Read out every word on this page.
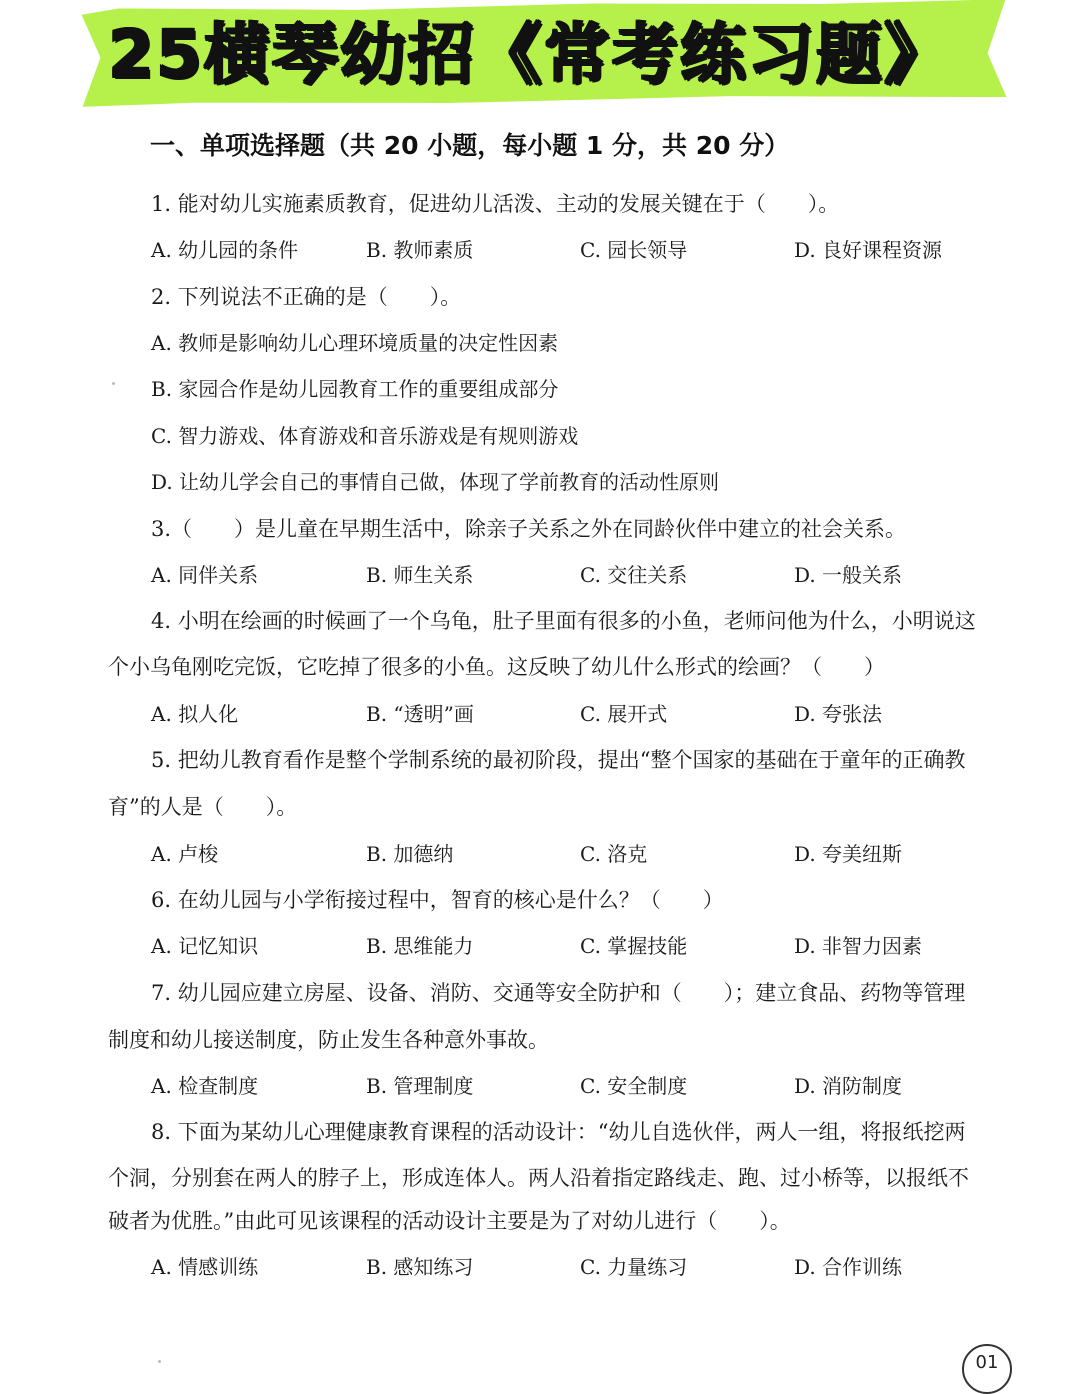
25横琴幼招《常考练习题》
一、单项选择题（共 20 小题，每小题 1 分，共 20 分）
1. 能对幼儿实施素质教育，促进幼儿活泼、主动的发展关键在于（　　）。
A. 幼儿园的条件	B. 教师素质	C. 园长领导	D. 良好课程资源
2. 下列说法不正确的是（　　）。
A. 教师是影响幼儿心理环境质量的决定性因素
B. 家园合作是幼儿园教育工作的重要组成部分
C. 智力游戏、体育游戏和音乐游戏是有规则游戏
D. 让幼儿学会自己的事情自己做，体现了学前教育的活动性原则
3.（　　）是儿童在早期生活中，除亲子关系之外在同龄伙伴中建立的社会关系。
A. 同伴关系	B. 师生关系	C. 交往关系	D. 一般关系
4. 小明在绘画的时候画了一个乌龟，肚子里面有很多的小鱼，老师问他为什么，小明说这
个小乌龟刚吃完饭，它吃掉了很多的小鱼。这反映了幼儿什么形式的绘画？（　　）
A. 拟人化	B. “透明”画	C. 展开式	D. 夸张法
5. 把幼儿教育看作是整个学制系统的最初阶段，提出“整个国家的基础在于童年的正确教
育”的人是（　　）。
A. 卢梭	B. 加德纳	C. 洛克	D. 夸美纽斯
6. 在幼儿园与小学衔接过程中，智育的核心是什么？（　　）
A. 记忆知识	B. 思维能力	C. 掌握技能	D. 非智力因素
7. 幼儿园应建立房屋、设备、消防、交通等安全防护和（　　）；建立食品、药物等管理
制度和幼儿接送制度，防止发生各种意外事故。
A. 检查制度	B. 管理制度	C. 安全制度	D. 消防制度
8. 下面为某幼儿心理健康教育课程的活动设计：“幼儿自选伙伴，两人一组，将报纸挖两
个洞，分别套在两人的脖子上，形成连体人。两人沿着指定路线走、跑、过小桥等，以报纸不
破者为优胜。”由此可见该课程的活动设计主要是为了对幼儿进行（　　）。
A. 情感训练	B. 感知练习	C. 力量练习	D. 合作训练
01
